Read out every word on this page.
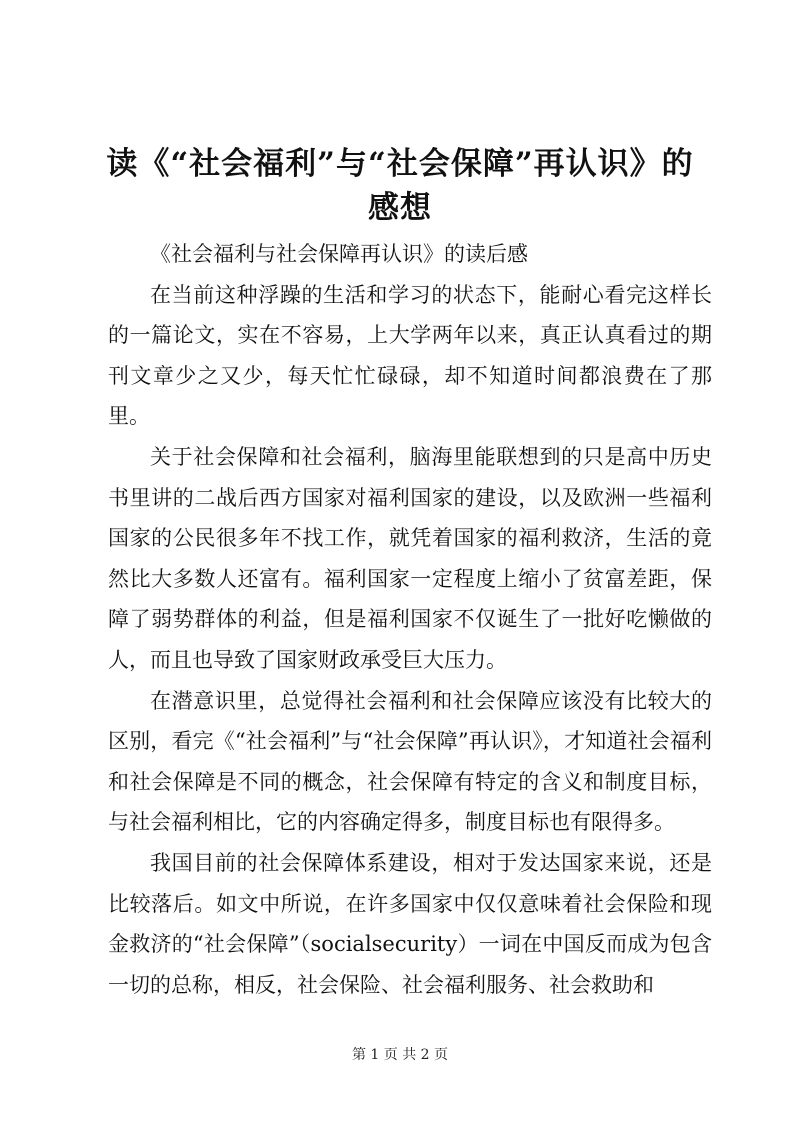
读《“社会福利”与“社会保障”再认识》的感想

《社会福利与社会保障再认识》的读后感

在当前这种浮躁的生活和学习的状态下，能耐心看完这样长的一篇论文，实在不容易，上大学两年以来，真正认真看过的期刊文章少之又少，每天忙忙碌碌，却不知道时间都浪费在了那里。

关于社会保障和社会福利，脑海里能联想到的只是高中历史书里讲的二战后西方国家对福利国家的建设，以及欧洲一些福利国家的公民很多年不找工作，就凭着国家的福利救济，生活的竟然比大多数人还富有。福利国家一定程度上缩小了贫富差距，保障了弱势群体的利益，但是福利国家不仅诞生了一批好吃懒做的人，而且也导致了国家财政承受巨大压力。

在潜意识里，总觉得社会福利和社会保障应该没有比较大的区别，看完《“社会福利”与“社会保障”再认识》，才知道社会福利和社会保障是不同的概念，社会保障有特定的含义和制度目标，与社会福利相比，它的内容确定得多，制度目标也有限得多。

我国目前的社会保障体系建设，相对于发达国家来说，还是比较落后。如文中所说，在许多国家中仅仅意味着社会保险和现金救济的“社会保障”（socialsecurity）一词在中国反而成为包含一切的总称，相反，社会保险、社会福利服务、社会救助和

第 1 页 共 2 页
